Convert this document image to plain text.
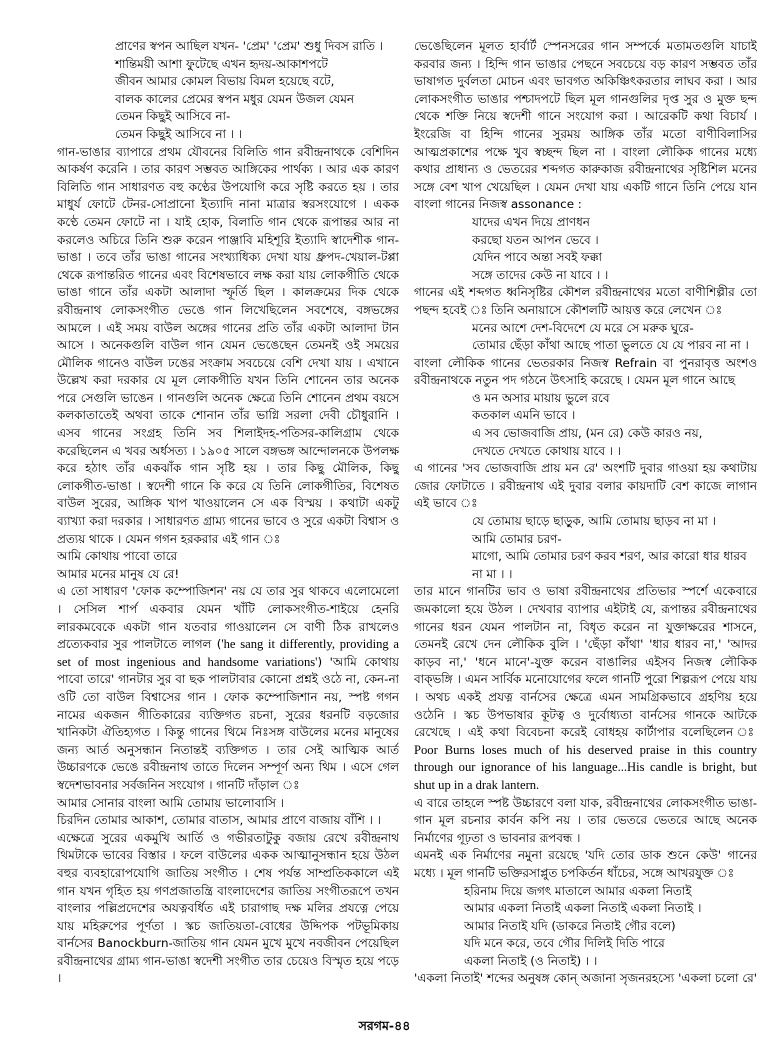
প্রাণের স্বপন আছিল যখন- 'প্রেম' 'প্রেম' শুধু দিবস রাতি ।
শান্তিময়ী আশা ফুটেছে এখন হৃদয়-আকাশপটে
জীবন আমার কোমল বিভায় বিমল হয়েছে বটে,
বালক কালের প্রেমের স্বপন মধুর যেমন উজল যেমন
তেমন কিছুই আসিবে না-
তেমন কিছুই আসিবে না । ।

গান-ভাঙার ব্যাপারে প্রথম যৌবনের বিলিতি গান রবীন্দ্রনাথকে বেশিদিন আকর্ষণ করেনি । তার কারণ সম্ভবত আঙ্গিকের পার্থক্য । আর এক কারণ বিলিতি গান সাধারণত বহু কণ্ঠের উপযোগি করে সৃষ্টি করতে হয় । তার মাধুর্য ফোটে টেনর-সোপ্রানো ইত্যাদি নানা মাত্রার স্বরসংযোগে । একক কণ্ঠে তেমন ফোটে না । যাই হোক, বিলাতি গান থেকে রূপান্তর আর না করলেও অচিরে তিনি শুরু করেন পাঞ্জাবি মহিশূরি ইত্যাদি স্বাদেশীক গান-ভাঙা । তবে তাঁর ভাঙা গানের সংখ্যাধিক্য দেখা যায় ধ্রুপদ-খেয়াল-টপ্পা থেকে রূপান্তরিত গানের এবং বিশেষভাবে লক্ষ করা যায় লোকগীতি থেকে ভাঙা গানে তাঁর একটা আলাদা স্ফূর্তি ছিল । কালক্রমের দিক থেকে রবীন্দ্রনাথ লোকসংগীত ভেঙে গান লিখেছিলেন সবশেষে, বঙ্গভঙ্গের আমলে । এই সময় বাউল অঙ্গের গানের প্রতি তাঁর একটা আলাদা টান আসে । অনেকগুলি বাউল গান যেমন ভেঙেছেন তেমনই ওই সময়ের মৌলিক গানেও বাউল ঢঙের সংক্রাম সবচেয়ে বেশি দেখা যায় । এখানে উল্লেখ করা দরকার যে মূল লোকগীতি যখন তিনি শোনেন তার অনেক পরে সেগুলি ভাঙেন । গানগুলি অনেক ক্ষেত্রে তিনি শোনেন প্রথম বয়সে কলকাতাতেই অথবা তাকে শোনান তাঁর ভাগ্নি সরলা দেবী চৌধুরানি । এসব গানের সংগ্রহ তিনি সব শিলাইদহ-পতিসর-কালিগ্রাম থেকে করেছিলেন এ খবর অর্ধসত্য । ১৯০৫ সালে বঙ্গভঙ্গ আন্দোলনকে উপলক্ষ করে হঠাৎ তাঁর একঝাঁক গান সৃষ্টি হয় । তার কিছু মৌলিক, কিছু লোকগীত-ভাঙা । স্বদেশী গানে কি করে যে তিনি লোকগীতির, বিশেষত বাউল সুরের, আঙ্গিক খাপ খাওয়ালেন সে এক বিস্ময় । কথাটা একটু ব্যাখ্যা করা দরকার । সাধারণত গ্রাম্য গানের ভাবে ও সুরে একটা বিশ্বাস ও প্রত্যয় থাকে । যেমন গগন হরকরার এই গান ঃ

আমি কোথায় পাবো তারে
আমার মনের মানুষ যে রে!

এ তো সাধারণ 'ফোক কম্পোজিশন' নয় যে তার সুর থাকবে এলোমেলো । সেসিল শার্প একবার যেমন খাঁটি লোকসংগীত-শাইয়ে হেনরি লারকমবেকে একটা গান যতবার গাওয়ালেন সে বাণী ঠিক রাখলেও প্রত্যেকবার সুর পালটাতে লাগল ('he sang it differently, providing a set of most ingenious and handsome variations') 'আমি কোথায় পাবো তারে' গানটার সুর বা ছক পালটাবার কোনো প্রশ্নই ওঠে না, কেন-না ওটি তো বাউল বিশ্বাসের গান । ফোক কম্পোজিশান নয়, স্পষ্ট গগন নামের একজন গীতিকারের ব্যক্তিগত রচনা, সুরের ধরনটি বড়জোর খানিকটা ঐতিহ্যগত । কিন্তু গানের থিমে নিঃসঙ্গ বাউলের মনের মানুষের জন্য আর্ত অনুসন্ধান নিতান্তই ব্যক্তিগত । তার সেই আত্মিক আর্ত উচ্চারণকে ভেঙে রবীন্দ্রনাথ তাতে দিলেন সম্পূর্ণ অন্য থিম । এসে গেল স্বদেশভাবনার সর্বজনিন সংযোগ । গানটি দাঁড়াল ঃ

আমার সোনার বাংলা আমি তোমায় ভালোবাসি ।
চিরদিন তোমার আকাশ, তোমার বাতাস, আমার প্রাণে বাজায় বাঁশি । ।

এক্ষেত্রে সুরের একমুখি আর্তি ও গভীরতাটুকু বজায় রেখে রবীন্দ্রনাথ থিমটাকে ভাবের বিস্তার । ফলে বাউলের একক আত্মানুসন্ধান হয়ে উঠল বহুর ব্যবহারোপযোগি জাতিয় সংগীত । শেষ পর্যন্ত সাম্প্রতিককালে এই গান যখন গৃহিত হয় গণপ্রজাতন্ত্রি বাংলাদেশের জাতিয় সংগীতরূপে তখন বাংলার পল্লিপ্রদেশের অযত্নবর্ধিত এই চারাগাছ দক্ষ মলির প্রযত্নে পেয়ে যায় মহিরুপের পূর্ণতা । স্কচ জাতিয়তা-বোধের উদ্দিপক পটভূমিকায় বার্নসের Banockburn-জাতিয় গান যেমন মুখে মুখে নবজীবন পেয়েছিল রবীন্দ্রনাথের গ্রাম্য গান-ভাঙা স্বদেশী সংগীত তার চেয়েও বিস্মৃত হয়ে পড়ে ।

ভেঙেছিলেন মূলত হার্বার্ট স্পেনসরের গান সম্পর্কে মতামতগুলি যাচাই করবার জন্য । হিন্দি গান ভাঙার পেছনে সবচেয়ে বড় কারণ সম্ভবত তাঁর ভাষাগত দুর্বলতা মোচন এবং ভাবগত অকিঞ্চিৎকরতার লাঘব করা । আর লোকসংগীত ভাঙার পশ্চাদপটে ছিল মূল গানগুলির দৃপ্ত সুর ও মুক্ত ছন্দ থেকে শক্তি নিয়ে স্বদেশী গানে সংযোগ করা । আরেকটি কথা বিচার্য । ইংরেজি বা হিন্দি গানের সুরময় আঙ্গিক তাঁর মতো বাণীবিলাসির আত্মপ্রকাশের পক্ষে খুব স্বচ্ছন্দ ছিল না । বাংলা লৌকিক গানের মধ্যে কথার প্রাধান্য ও ভেতরের শব্দগত কারুকাজ রবীন্দ্রনাথের সৃষ্টিশিল মনের সঙ্গে বেশ খাপ খেয়েছিল । যেমন দেখা যায় একটি গানে তিনি পেয়ে যান বাংলা গানের নিজস্ব assonance :

যাদের এখন দিয়ে প্রাণধন
করছো যতন আপন ভেবে ।
যেদিন পাবে অন্তা সবই ফক্কা
সঙ্গে তাদের কেউ না যাবে । ।

গানের এই শব্দগত ধ্বনিসৃষ্টির কৌশল রবীন্দ্রনাথের মতো বাণীশিল্পীর তো পছন্দ হবেই ঃ তিনি অনায়াসে কৌশলটি আয়ত্ত করে লেখেন ঃ

মনের আশে দেশ-বিদেশে যে মরে সে মরুক ঘুরে-
তোমার ছেঁড়া কাঁথা আছে পাতা ভুলতে যে যে পারব না না ।

বাংলা লৌকিক গানের ভেতরকার নিজস্ব Refrain বা পুনরাবৃত্ত অংশও রবীন্দ্রনাথকে নতুন পদ গঠনে উৎসাহি করেছে । যেমন মূল গানে আছে

ও মন অসার মায়ায় ভুলে রবে
কতকাল এমনি ভাবে ।
এ সব ভোজবাজি প্রায়, (মন রে) কেউ কারও নয়,
দেখতে দেখতে কোথায় যাবে । ।

এ গানের 'সব ভোজবাজি প্রায় মন রে' অংশটি দুবার গাওয়া হয় কথাটায় জোর ফোটাতে । রবীন্দ্রনাথ এই দুবার বলার কায়দাটি বেশ কাজে লাগান এই ভাবে ঃ

যে তোমায় ছাড়ে ছাড়ুক, আমি তোমায় ছাড়ব না মা ।
আমি তোমার চরণ-
মাগো, আমি তোমার চরণ করব শরণ, আর কারো ধার ধারব
না মা । ।

তার মানে গানটির ভাব ও ভাষা রবীন্দ্রনাথের প্রতিভার স্পর্শে একেবারে জমকালো হয়ে উঠল । দেখবার ব্যাপার এইটাই যে, রূপান্তর রবীন্দ্রনাথের গানের ধরন যেমন পালটান না, বিধৃত করেন না যুক্তাক্ষরের শাসনে, তেমনই রেখে দেন লৌকিক বুলি । 'ছেঁড়া কাঁথা' 'ধার ধারব না,' 'আদর কাড়ব না,' 'ধনে মানে'-যুক্ত করেন বাঙালির এইসব নিজস্ব লৌকিক বাক্ভঙ্গি । এমন সার্বিক মনোযোগের ফলে গানটি পুরো শিল্পরূপ পেয়ে যায় । অথচ একই প্রযত্ন বার্নসের ক্ষেত্রে এমন সামগ্রিকভাবে গ্রহণিয় হয়ে ওঠেনি । স্কচ উপভাষার কূটত্ব ও দুর্বোধ্যতা বার্নসের গানকে আটকে রেখেছে । এই কথা বিবেচনা করেই বোধহয় কার্টাপার বলেছিলেন ঃ Poor Burns loses much of his deserved praise in this country through our ignorance of his language...His candle is bright, but shut up in a drak lantern.

এ বারে তাহলে স্পষ্ট উচ্চারণে বলা যাক, রবীন্দ্রনাথের লোকসংগীত ভাঙা-গান মূল রচনার কার্বন কপি নয় । তার ভেতরে ভেতরে আছে অনেক নির্মাণের গূঢ়তা ও ভাবনার রূপবন্ধ ।

এমনই এক নির্মাণের নমুনা রয়েছে 'যদি তোর ডাক শুনে কেউ' গানের মধ্যে । মূল গানটি ভক্তিরসাপ্লুত চপকির্তন ধাঁচের, সঙ্গে আখরযুক্ত ঃ

হরিনাম দিয়ে জগৎ মাতালে আমার একলা নিতাই
আমার একলা নিতাই একলা নিতাই একলা নিতাই ।
আমার নিতাই যদি (ডাকরে নিতাই গৌর বলে)
যদি মনে করে, তবে গৌর দিলিই দিতি পারে
একলা নিতাই (ও নিতাই) । ।

'একলা নিতাই' শব্দের অনুষঙ্গ কোন্ অজানা সৃজনরহস্যে 'একলা চলো রে'

সরগম-৪৪
